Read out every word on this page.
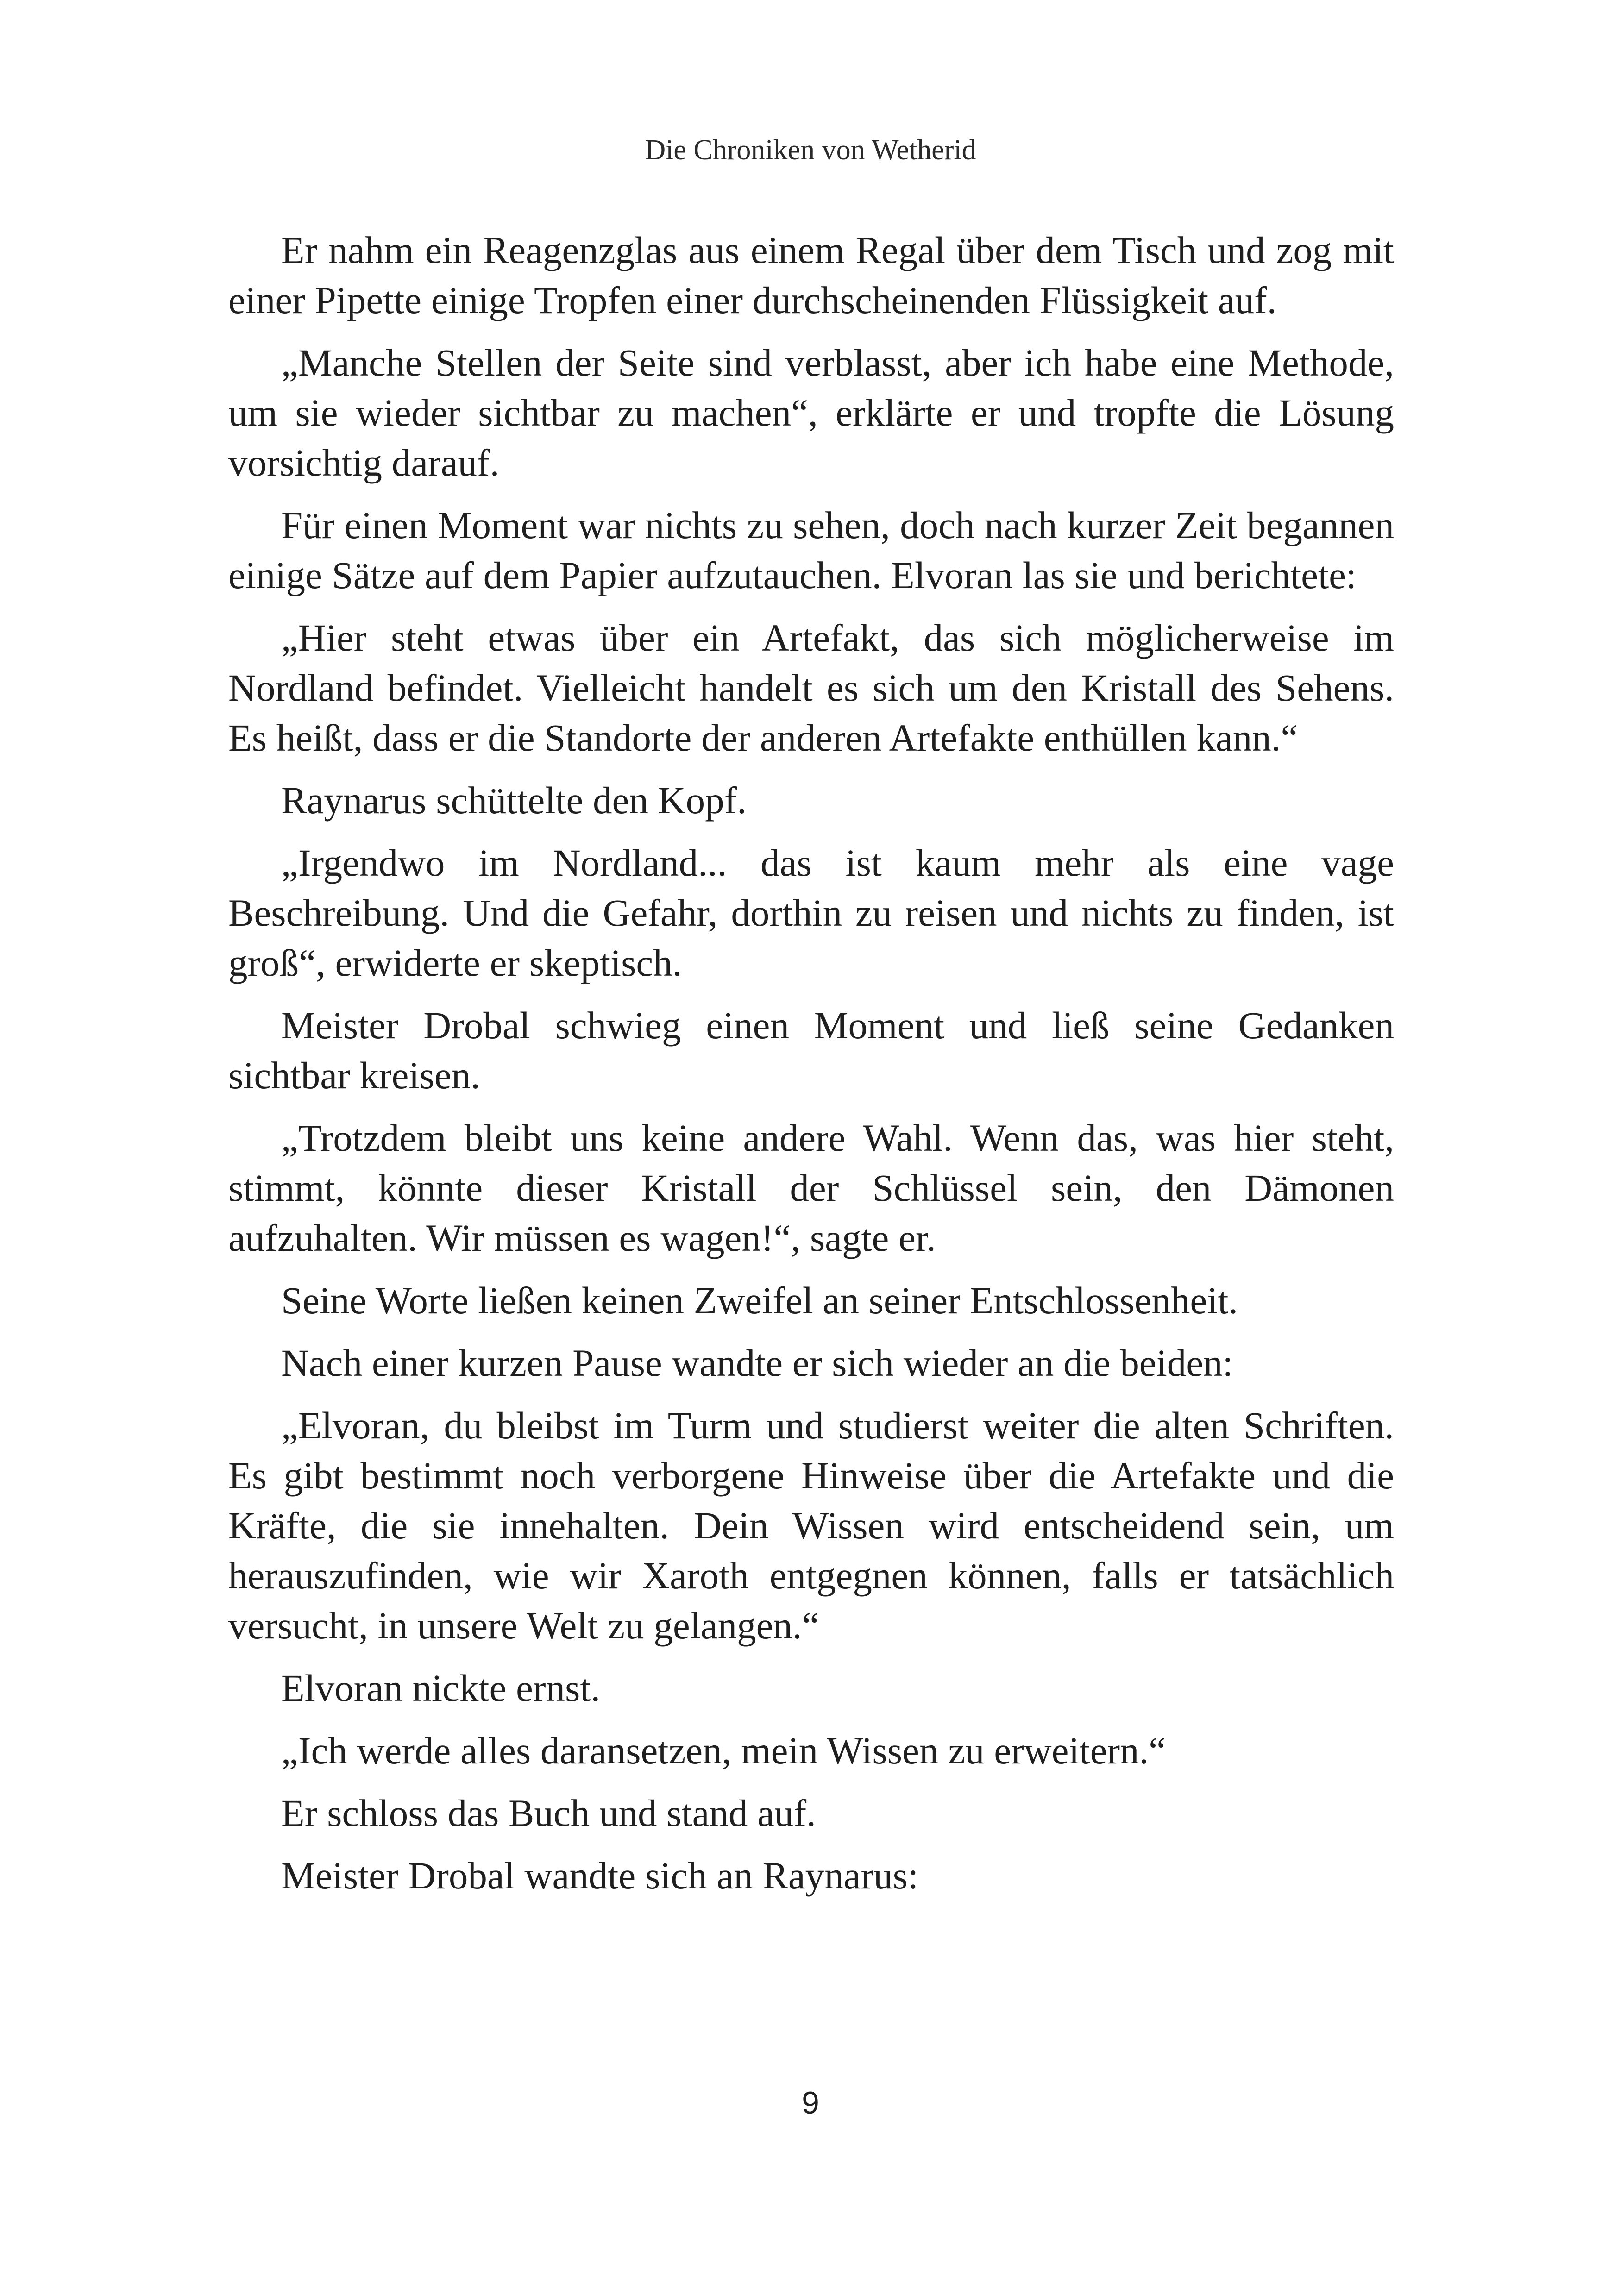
Die Chroniken von Wetherid

Er nahm ein Reagenzglas aus einem Regal über dem Tisch und zog mit einer Pipette einige Tropfen einer durchscheinenden Flüssigkeit auf.

„Manche Stellen der Seite sind verblasst, aber ich habe eine Methode, um sie wieder sichtbar zu machen“, erklärte er und tropfte die Lösung vorsichtig darauf.

Für einen Moment war nichts zu sehen, doch nach kurzer Zeit begannen einige Sätze auf dem Papier aufzutauchen. Elvoran las sie und berichtete:

„Hier steht etwas über ein Artefakt, das sich möglicherweise im Nordland befindet. Vielleicht handelt es sich um den Kristall des Sehens. Es heißt, dass er die Standorte der anderen Artefakte enthüllen kann.“

Raynarus schüttelte den Kopf.

„Irgendwo im Nordland... das ist kaum mehr als eine vage Beschreibung. Und die Gefahr, dorthin zu reisen und nichts zu finden, ist groß“, erwiderte er skeptisch.

Meister Drobal schwieg einen Moment und ließ seine Gedanken sichtbar kreisen.

„Trotzdem bleibt uns keine andere Wahl. Wenn das, was hier steht, stimmt, könnte dieser Kristall der Schlüssel sein, den Dämonen aufzuhalten. Wir müssen es wagen!“, sagte er.

Seine Worte ließen keinen Zweifel an seiner Entschlossenheit.

Nach einer kurzen Pause wandte er sich wieder an die beiden:

„Elvoran, du bleibst im Turm und studierst weiter die alten Schriften. Es gibt bestimmt noch verborgene Hinweise über die Artefakte und die Kräfte, die sie innehalten. Dein Wissen wird entscheidend sein, um herauszufinden, wie wir Xaroth entgegnen können, falls er tatsächlich versucht, in unsere Welt zu gelangen.“

Elvoran nickte ernst.

„Ich werde alles daransetzen, mein Wissen zu erweitern.“

Er schloss das Buch und stand auf.

Meister Drobal wandte sich an Raynarus:

9
